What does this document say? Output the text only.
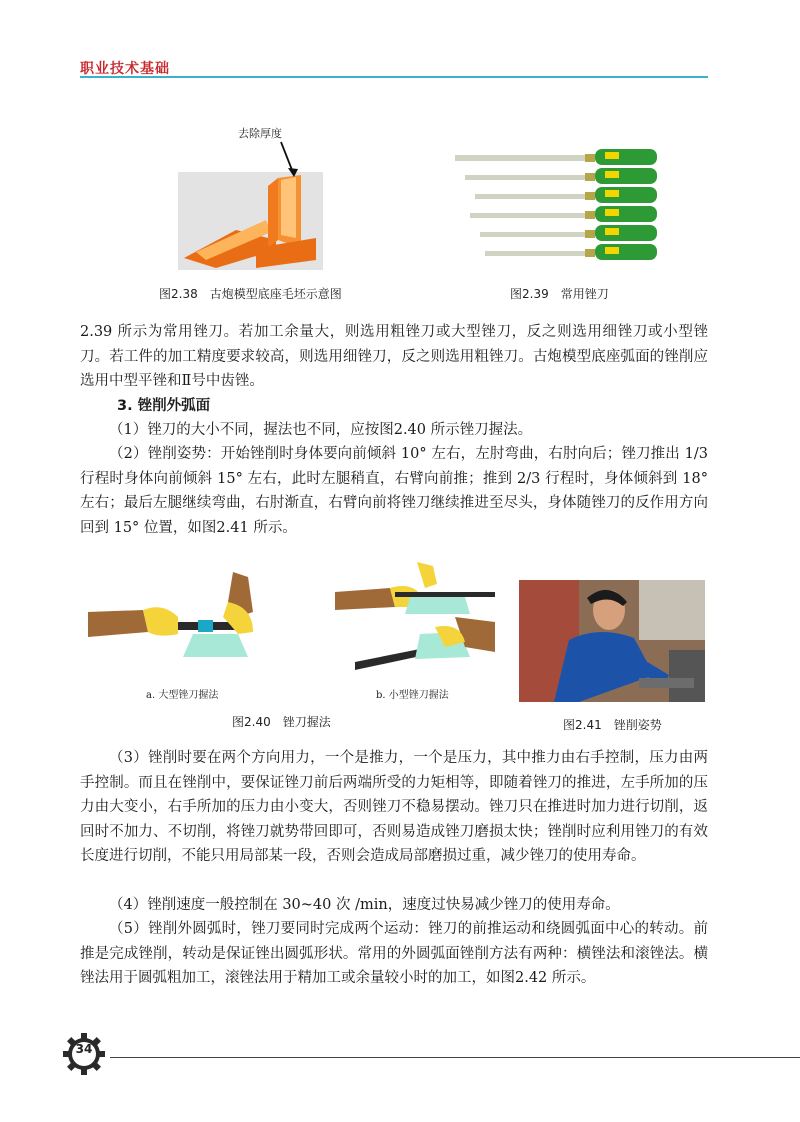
职业技术基础
去除厚度
图2.38　古炮模型底座毛坯示意图	图2.39　常用锉刀
2.39 所示为常用锉刀。若加工余量大，则选用粗锉刀或大型锉刀，反之则选用细锉刀或小型锉刀。若工件的加工精度要求较高，则选用细锉刀，反之则选用粗锉刀。古炮模型底座弧面的锉削应选用中型平锉和Ⅱ号中齿锉。
3. 锉削外弧面
（1）锉刀的大小不同，握法也不同，应按图2.40 所示锉刀握法。
（2）锉削姿势：开始锉削时身体要向前倾斜 10° 左右，左肘弯曲，右肘向后；锉刀推出 1/3 行程时身体向前倾斜 15° 左右，此时左腿稍直，右臂向前推；推到 2/3 行程时，身体倾斜到 18° 左右；最后左腿继续弯曲，右肘渐直，右臂向前将锉刀继续推进至尽头，身体随锉刀的反作用方向回到 15° 位置，如图2.41 所示。
a. 大型锉刀握法	b. 小型锉刀握法
图2.40　锉刀握法	图2.41　锉削姿势
（3）锉削时要在两个方向用力，一个是推力，一个是压力，其中推力由右手控制，压力由两手控制。而且在锉削中，要保证锉刀前后两端所受的力矩相等，即随着锉刀的推进，左手所加的压力由大变小，右手所加的压力由小变大，否则锉刀不稳易摆动。锉刀只在推进时加力进行切削，返回时不加力、不切削，将锉刀就势带回即可，否则易造成锉刀磨损太快；锉削时应利用锉刀的有效长度进行切削，不能只用局部某一段，否则会造成局部磨损过重，减少锉刀的使用寿命。
（4）锉削速度一般控制在 30~40 次 /min，速度过快易减少锉刀的使用寿命。
（5）锉削外圆弧时，锉刀要同时完成两个运动：锉刀的前推运动和绕圆弧面中心的转动。前推是完成锉削，转动是保证锉出圆弧形状。常用的外圆弧面锉削方法有两种：横锉法和滚锉法。横锉法用于圆弧粗加工，滚锉法用于精加工或余量较小时的加工，如图2.42 所示。
34
